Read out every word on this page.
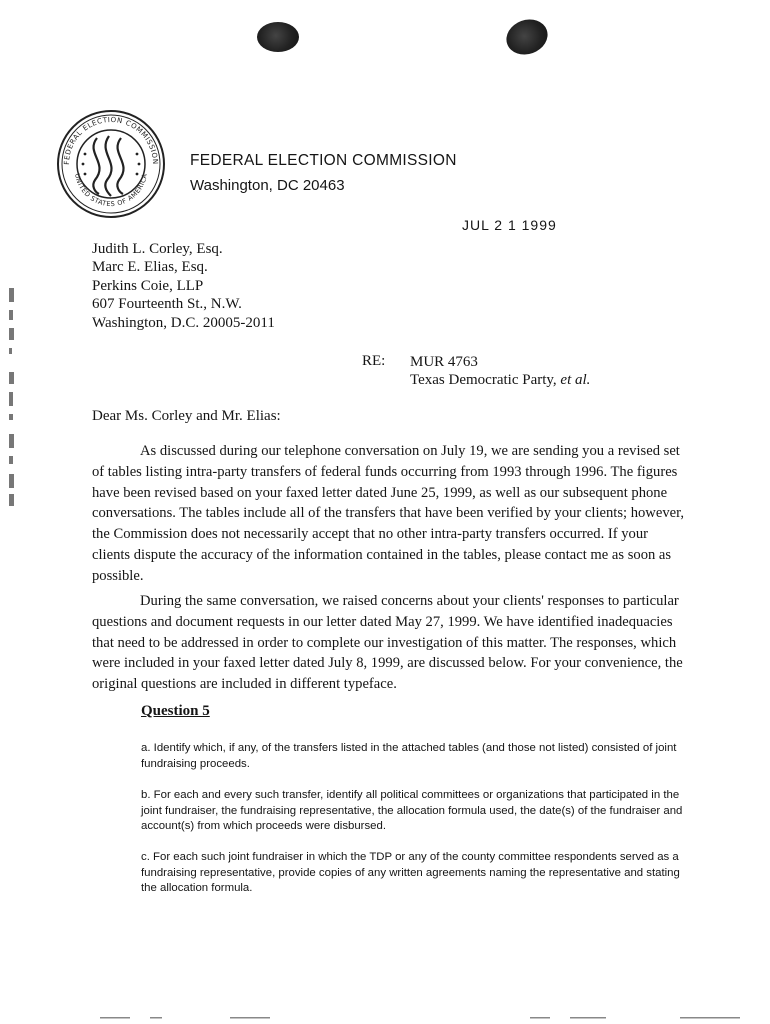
FEDERAL ELECTION COMMISSION
UNITED STATES OF AMERICA
FEDERAL ELECTION COMMISSION
Washington, DC 20463
JUL 2 1 1999
Judith L. Corley, Esq.
Marc E. Elias, Esq.
Perkins Coie, LLP
607 Fourteenth St., N.W.
Washington, D.C. 20005-2011
RE: MUR 4763
Texas Democratic Party, et al.
Dear Ms. Corley and Mr. Elias:

As discussed during our telephone conversation on July 19, we are sending you a revised set of tables listing intra-party transfers of federal funds occurring from 1993 through 1996. The figures have been revised based on your faxed letter dated June 25, 1999, as well as our subsequent phone conversations. The tables include all of the transfers that have been verified by your clients; however, the Commission does not necessarily accept that no other intra-party transfers occurred. If your clients dispute the accuracy of the information contained in the tables, please contact me as soon as possible.

During the same conversation, we raised concerns about your clients' responses to particular questions and document requests in our letter dated May 27, 1999. We have identified inadequacies that need to be addressed in order to complete our investigation of this matter. The responses, which were included in your faxed letter dated July 8, 1999, are discussed below. For your convenience, the original questions are included in different typeface.

Question 5

a. Identify which, if any, of the transfers listed in the attached tables (and those not listed) consisted of joint fundraising proceeds.

b. For each and every such transfer, identify all political committees or organizations that participated in the joint fundraiser, the fundraising representative, the allocation formula used, the date(s) of the fundraiser and account(s) from which proceeds were disbursed.

c. For each such joint fundraiser in which the TDP or any of the county committee respondents served as a fundraising representative, provide copies of any written agreements naming the representative and stating the allocation formula.
